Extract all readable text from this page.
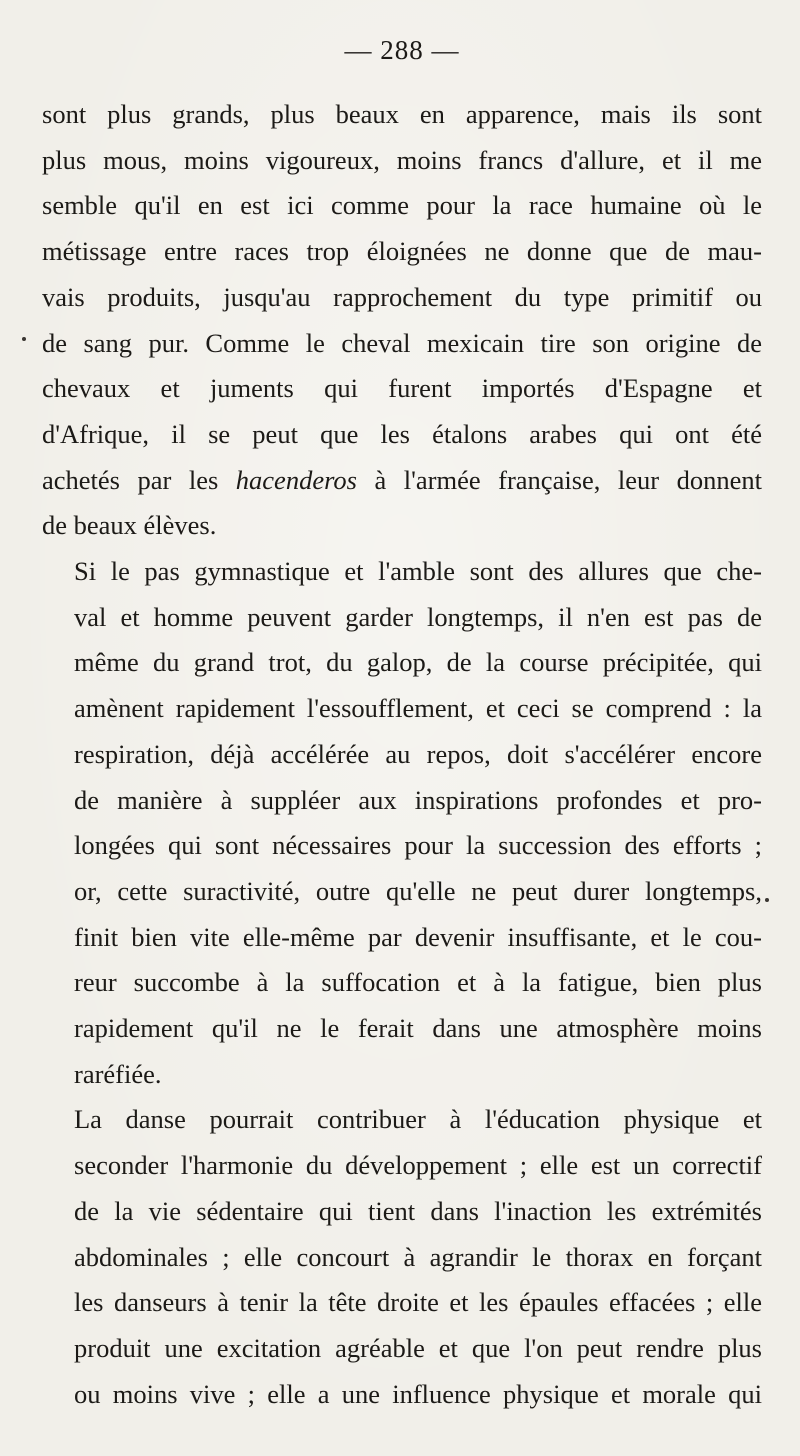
— 288 —

sont plus grands, plus beaux en apparence, mais ils sont
plus mous, moins vigoureux, moins francs d'allure, et il me
semble qu'il en est ici comme pour la race humaine où le
métissage entre races trop éloignées ne donne que de mau-
vais produits, jusqu'au rapprochement du type primitif ou
de sang pur. Comme le cheval mexicain tire son origine de
chevaux et juments qui furent importés d'Espagne et
d'Afrique, il se peut que les étalons arabes qui ont été
achetés par les hacenderos à l'armée française, leur donnent
de beaux élèves.

Si le pas gymnastique et l'amble sont des allures que che-
val et homme peuvent garder longtemps, il n'en est pas de
même du grand trot, du galop, de la course précipitée, qui
amènent rapidement l'essoufflement, et ceci se comprend : la
respiration, déjà accélérée au repos, doit s'accélérer encore
de manière à suppléer aux inspirations profondes et pro-
longées qui sont nécessaires pour la succession des efforts ;
or, cette suractivité, outre qu'elle ne peut durer longtemps,
finit bien vite elle-même par devenir insuffisante, et le cou-
reur succombe à la suffocation et à la fatigue, bien plus
rapidement qu'il ne le ferait dans une atmosphère moins
raréfiée.

La danse pourrait contribuer à l'éducation physique et
seconder l'harmonie du développement ; elle est un correctif
de la vie sédentaire qui tient dans l'inaction les extrémités
abdominales ; elle concourt à agrandir le thorax en forçant
les danseurs à tenir la tête droite et les épaules effacées ; elle
produit une excitation agréable et que l'on peut rendre plus
ou moins vive ; elle a une influence physique et morale qui
